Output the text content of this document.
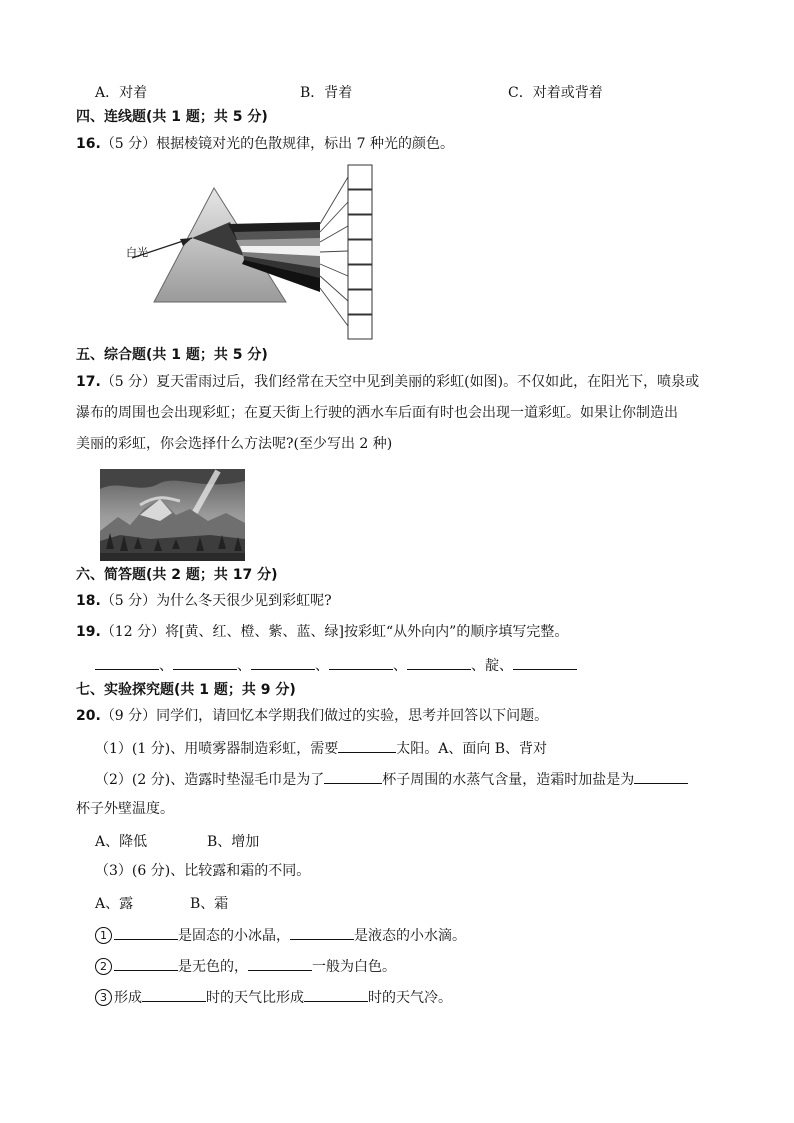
A．对着	B．背着	C．对着或背着
四、连线题(共 1 题；共 5 分)
16.（5 分）根据棱镜对光的色散规律，标出 7 种光的颜色。
白光
五、综合题(共 1 题；共 5 分)
17.（5 分）夏天雷雨过后，我们经常在天空中见到美丽的彩虹(如图)。不仅如此，在阳光下，喷泉或
瀑布的周围也会出现彩虹；在夏天街上行驶的洒水车后面有时也会出现一道彩虹。如果让你制造出
美丽的彩虹，你会选择什么方法呢?(至少写出 2 种)
六、简答题(共 2 题；共 17 分)
18.（5 分）为什么冬天很少见到彩虹呢?
19.（12 分）将[黄、红、橙、紫、蓝、绿]按彩虹“从外向内”的顺序填写完整。
、	、	、	、	、靛、
七、实验探究题(共 1 题；共 9 分)
20.（9 分）同学们，请回忆本学期我们做过的实验，思考并回答以下问题。
（1）(1 分)、用喷雾器制造彩虹，需要	太阳。A、面向 B、背对
（2）(2 分)、造露时垫湿毛巾是为了	杯子周围的水蒸气含量，造霜时加盐是为
杯子外壁温度。
A、降低	B、增加
（3）(6 分)、比较露和霜的不同。
A、露	B、霜
1	是固态的小冰晶，	是液态的小水滴。
2	是无色的，	一般为白色。
3 形成	时的天气比形成	时的天气冷。
